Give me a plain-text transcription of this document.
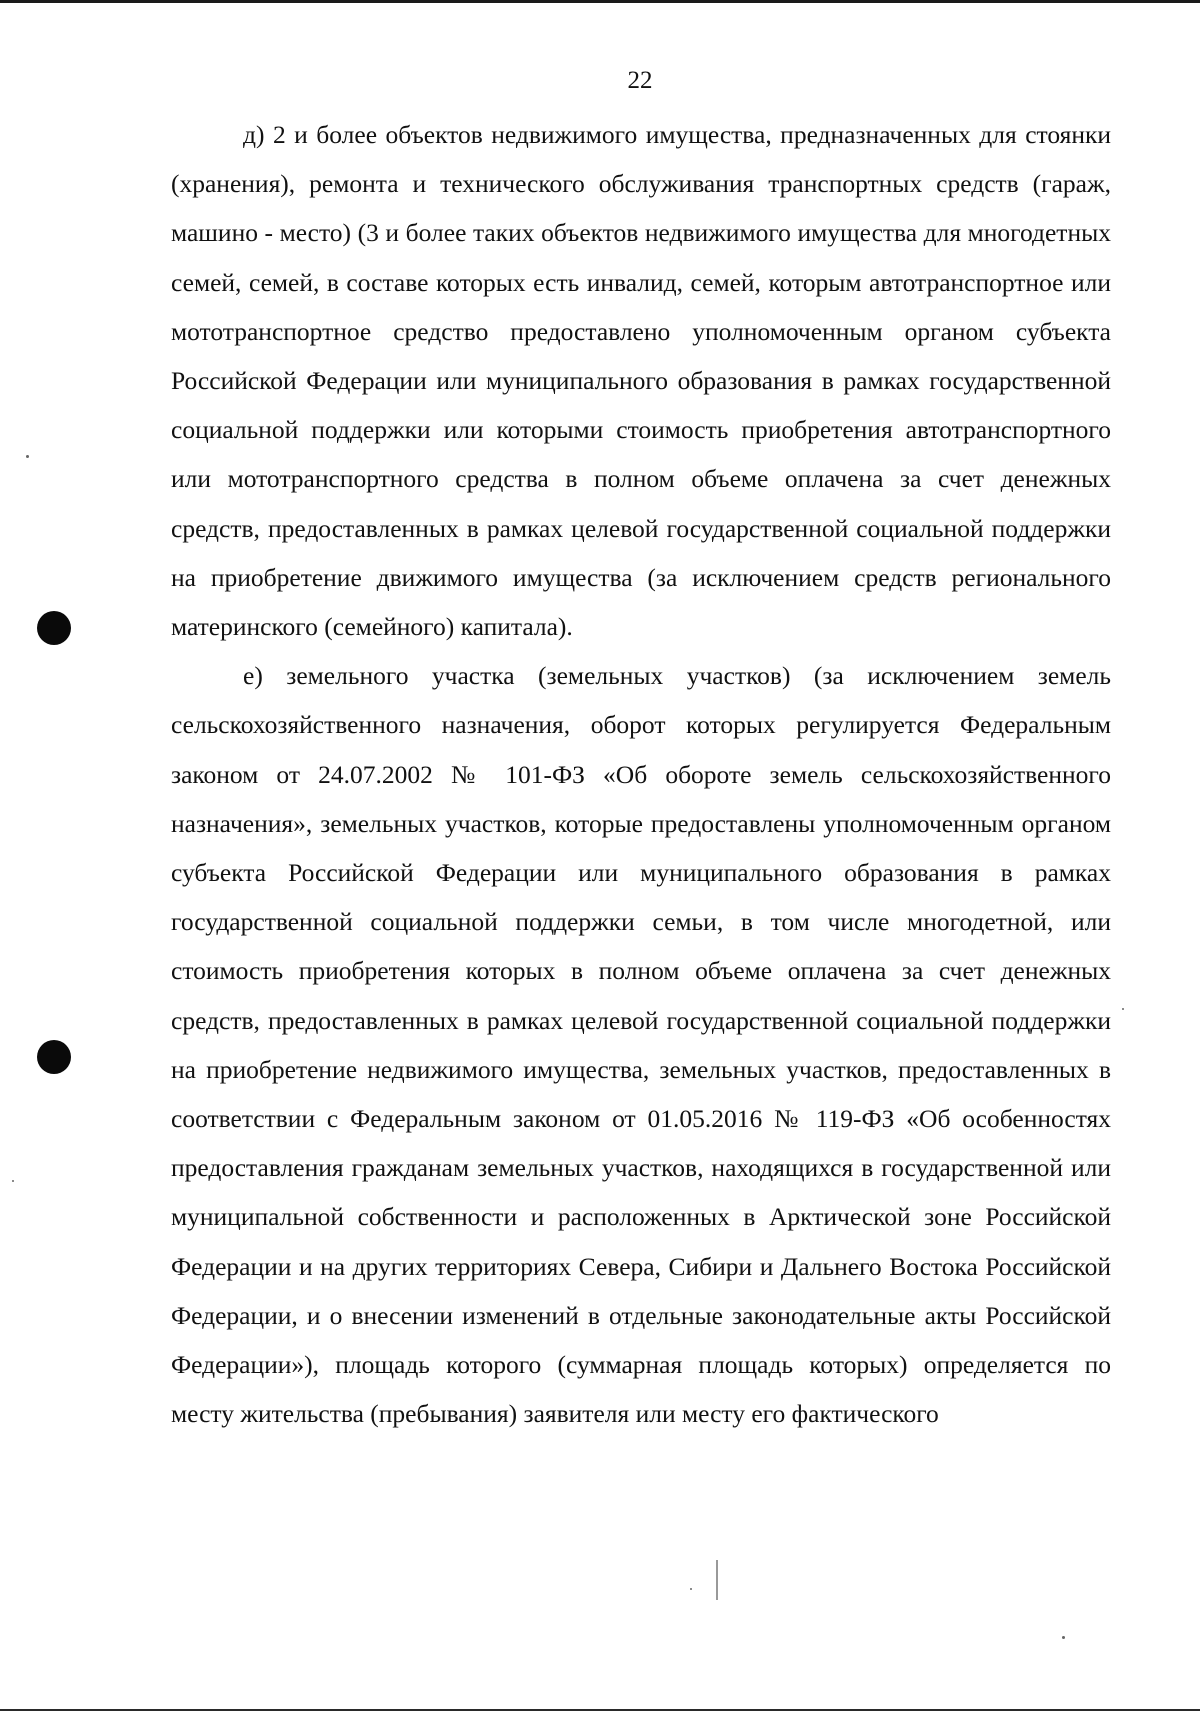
22

д) 2 и более объектов недвижимого имущества, предназначенных для стоянки (хранения), ремонта и технического обслуживания транспортных средств (гараж, машино - место) (3 и более таких объектов недвижимого имущества для многодетных семей, семей, в составе которых есть инвалид, семей, которым автотранспортное или мототранспортное средство предоставлено уполномоченным органом субъекта Российской Федерации или муниципального образования в рамках государственной социальной поддержки или которыми стоимость приобретения автотранспортного или мототранспортного средства в полном объеме оплачена за счет денежных средств, предоставленных в рамках целевой государственной социальной поддержки на приобретение движимого имущества (за исключением средств регионального материнского (семейного) капитала).

е) земельного участка (земельных участков) (за исключением земель сельскохозяйственного назначения, оборот которых регулируется Федеральным законом от 24.07.2002 № 101-ФЗ «Об обороте земель сельскохозяйственного назначения», земельных участков, которые предоставлены уполномоченным органом субъекта Российской Федерации или муниципального образования в рамках государственной социальной поддержки семьи, в том числе многодетной, или стоимость приобретения которых в полном объеме оплачена за счет денежных средств, предоставленных в рамках целевой государственной социальной поддержки на приобретение недвижимого имущества, земельных участков, предоставленных в соответствии с Федеральным законом от 01.05.2016 № 119-ФЗ «Об особенностях предоставления гражданам земельных участков, находящихся в государственной или муниципальной собственности и расположенных в Арктической зоне Российской Федерации и на других территориях Севера, Сибири и Дальнего Востока Российской Федерации, и о внесении изменений в отдельные законодательные акты Российской Федерации»), площадь которого (суммарная площадь которых) определяется по месту жительства (пребывания) заявителя или месту его фактического
